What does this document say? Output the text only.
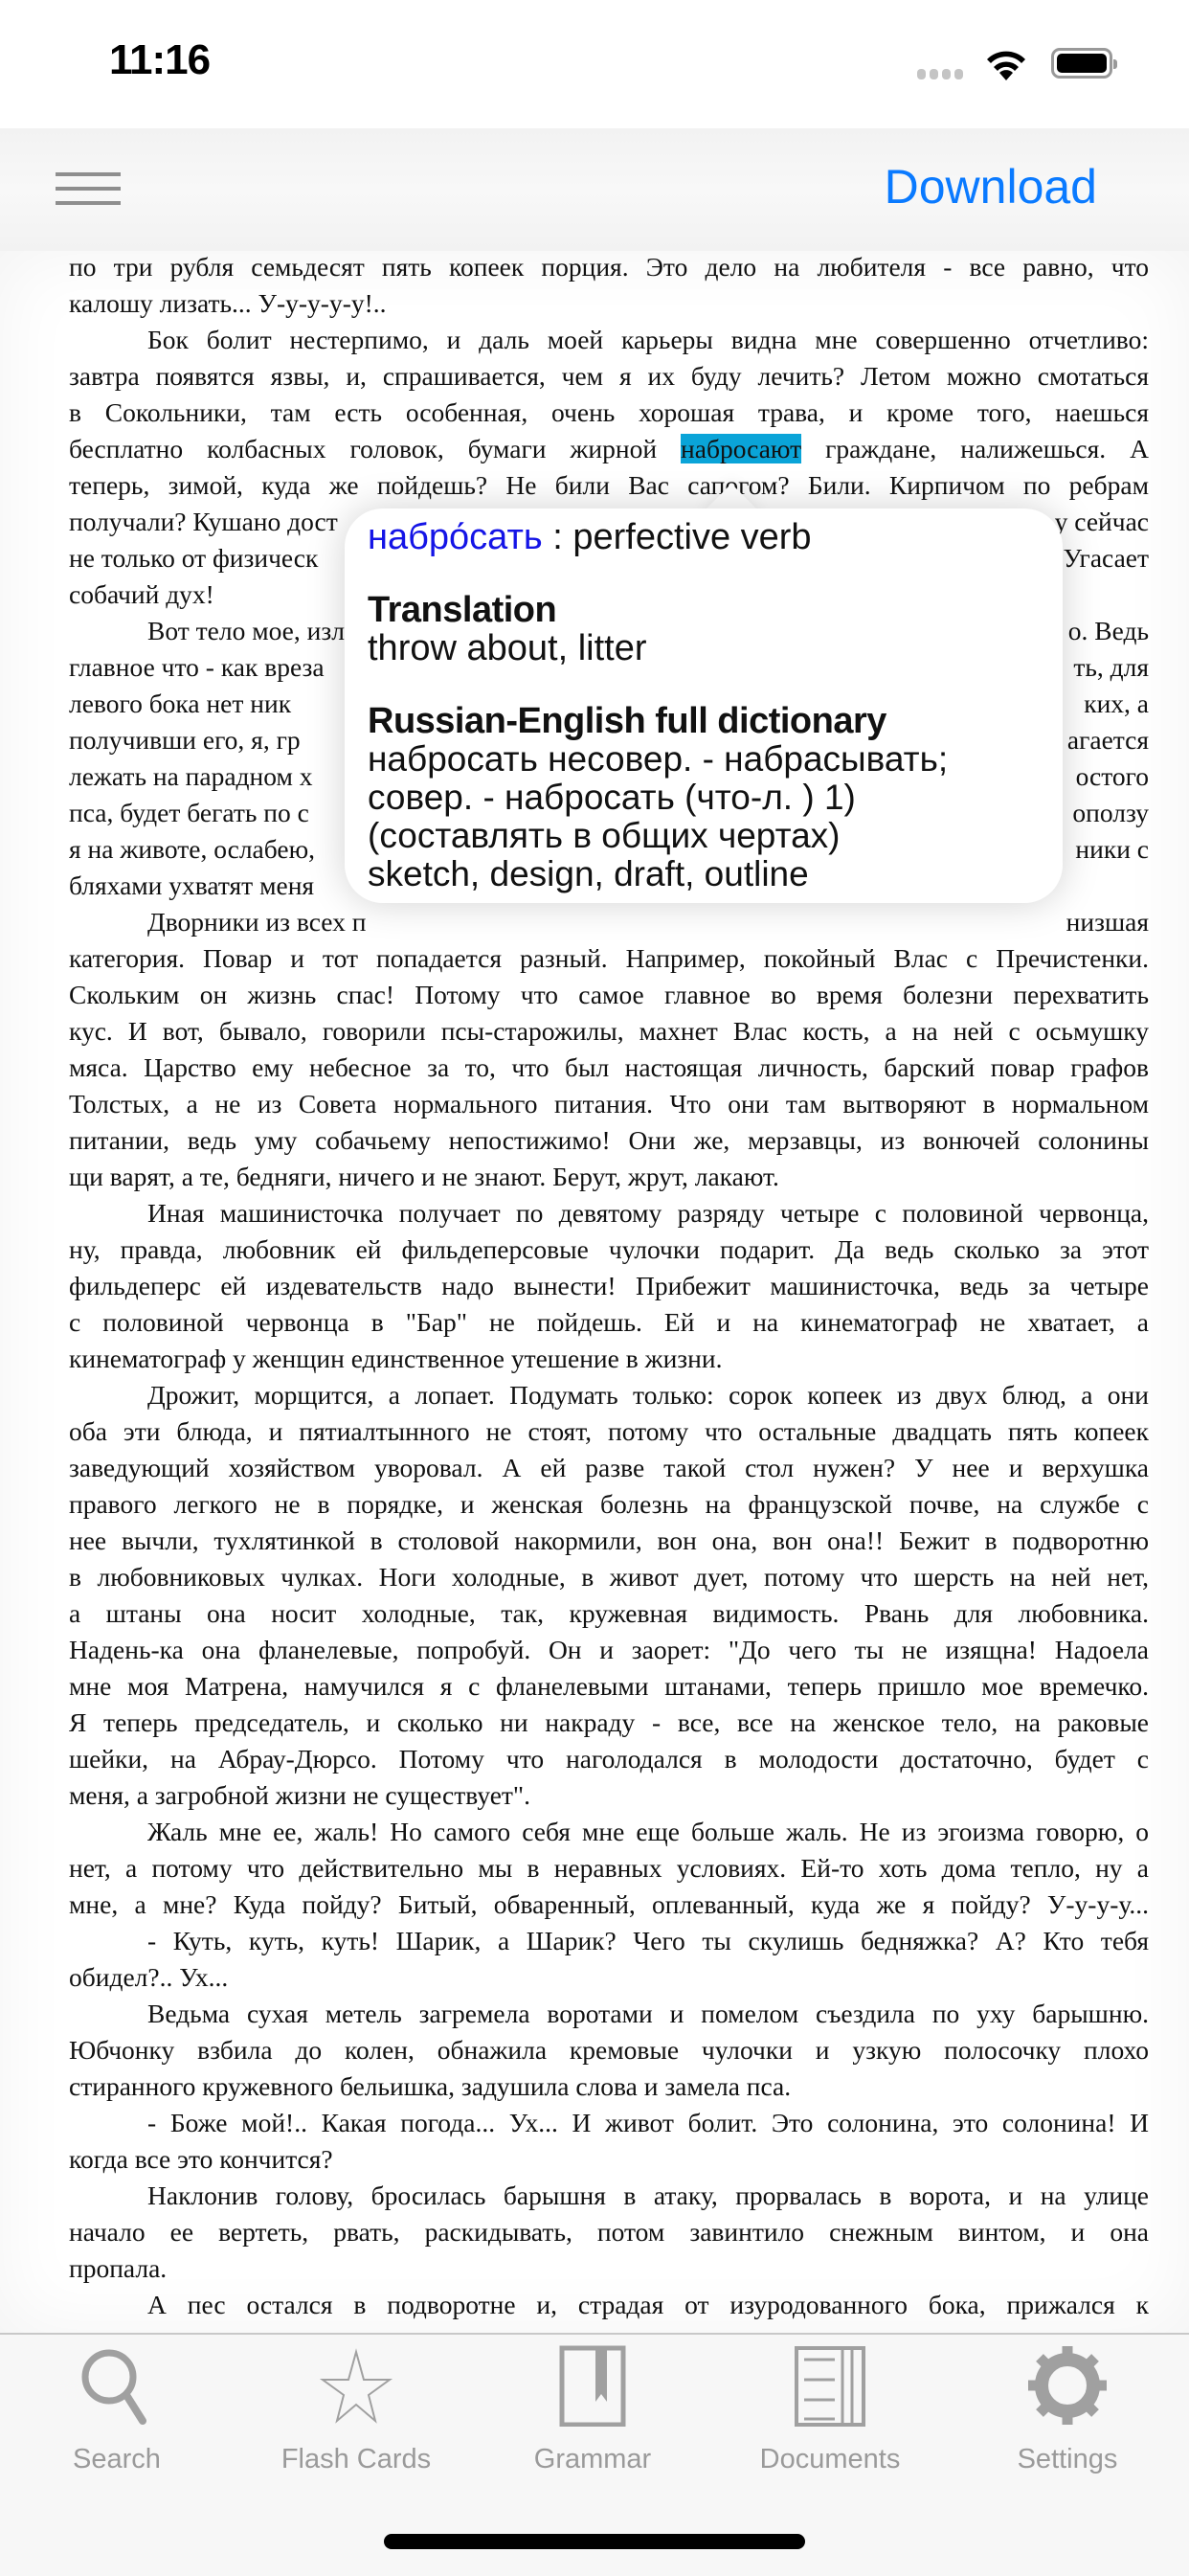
11:16
Download
по три рубля семьдесят пять копеек порция. Это дело на любителя - все равно, что
калошу лизать... У-у-у-у-у!..
Бок болит нестерпимо, и даль моей карьеры видна мне совершенно отчетливо:
завтра появятся язвы, и, спрашивается, чем я их буду лечить? Летом можно смотаться
в Сокольники, там есть особенная, очень хорошая трава, и кроме того, наешься
бесплатно колбасных головок, бумаги жирной набросают граждане, налижешься. А
теперь, зимой, куда же пойдешь? Не били Вас сапогом? Били. Кирпичом по ребрам
получали? Кушано дост	у сейчас
не только от физическ	Угасает
собачий дух!
Вот тело мое, изл	о. Ведь
главное что - как вреза	ть, для
левого бока нет ник	ких, а
получивши его, я, гр	агается
лежать на парадном х	остого
пса, будет бегать по с	оползу
я на животе, ослабею,	ники с
бляхами ухватят меня
Дворники из всех п	низшая
категория. Повар и тот попадается разный. Например, покойный Влас с Пречистенки.
Скольким он жизнь спас! Потому что самое главное во время болезни перехватить
кус. И вот, бывало, говорили псы-старожилы, махнет Влас кость, а на ней с осьмушку
мяса. Царство ему небесное за то, что был настоящая личность, барский повар графов
Толстых, а не из Совета нормального питания. Что они там вытворяют в нормальном
питании, ведь уму собачьему непостижимо! Они же, мерзавцы, из вонючей солонины
щи варят, а те, бедняги, ничего и не знают. Берут, жрут, лакают.
Иная машинисточка получает по девятому разряду четыре с половиной червонца,
ну, правда, любовник ей фильдеперсовые чулочки подарит. Да ведь сколько за этот
фильдеперс ей издевательств надо вынести! Прибежит машинисточка, ведь за четыре
с половиной червонца в "Бар" не пойдешь. Ей и на кинематограф не хватает, а
кинематограф у женщин единственное утешение в жизни.
Дрожит, морщится, а лопает. Подумать только: сорок копеек из двух блюд, а они
оба эти блюда, и пятиалтынного не стоят, потому что остальные двадцать пять копеек
заведующий хозяйством уворовал. А ей разве такой стол нужен? У нее и верхушка
правого легкого не в порядке, и женская болезнь на французской почве, на службе с
нее вычли, тухлятинкой в столовой накормили, вон она, вон она!! Бежит в подворотню
в любовниковых чулках. Ноги холодные, в живот дует, потому что шерсть на ней нет,
а штаны она носит холодные, так, кружевная видимость. Рвань для любовника.
Надень-ка она фланелевые, попробуй. Он и заорет: "До чего ты не изящна! Надоела
мне моя Матрена, намучился я с фланелевыми штанами, теперь пришло мое времечко.
Я теперь председатель, и сколько ни накраду - все, все на женское тело, на раковые
шейки, на Абрау-Дюрсо. Потому что наголодался в молодости достаточно, будет с
меня, а загробной жизни не существует".
Жаль мне ее, жаль! Но самого себя мне еще больше жаль. Не из эгоизма говорю, о
нет, а потому что действительно мы в неравных условиях. Ей-то хоть дома тепло, ну а
мне, а мне? Куда пойду? Битый, обваренный, оплеванный, куда же я пойду? У-у-у-у...
- Куть, куть, куть! Шарик, а Шарик? Чего ты скулишь бедняжка? А? Кто тебя
обидел?.. Ух...
Ведьма сухая метель загремела воротами и помелом съездила по уху барышню.
Юбчонку взбила до колен, обнажила кремовые чулочки и узкую полосочку плохо
стиранного кружевного бельишка, задушила слова и замела пса.
- Боже мой!.. Какая погода... Ух... И живот болит. Это солонина, это солонина! И
когда все это кончится?
Наклонив голову, бросилась барышня в атаку, прорвалась в ворота, и на улице
начало ее вертеть, рвать, раскидывать, потом завинтило снежным винтом, и она
пропала.
А пес остался в подворотне и, страдая от изуродованного бока, прижался к
набро́сать : perfective verb
Translation
throw about, litter
Russian-English full dictionary
набросать несовер. - набрасывать;
совер. - набросать (что-л. ) 1)
(составлять в общих чертах)
sketch, design, draft, outline
Search	Flash Cards	Grammar	Documents	Settings
